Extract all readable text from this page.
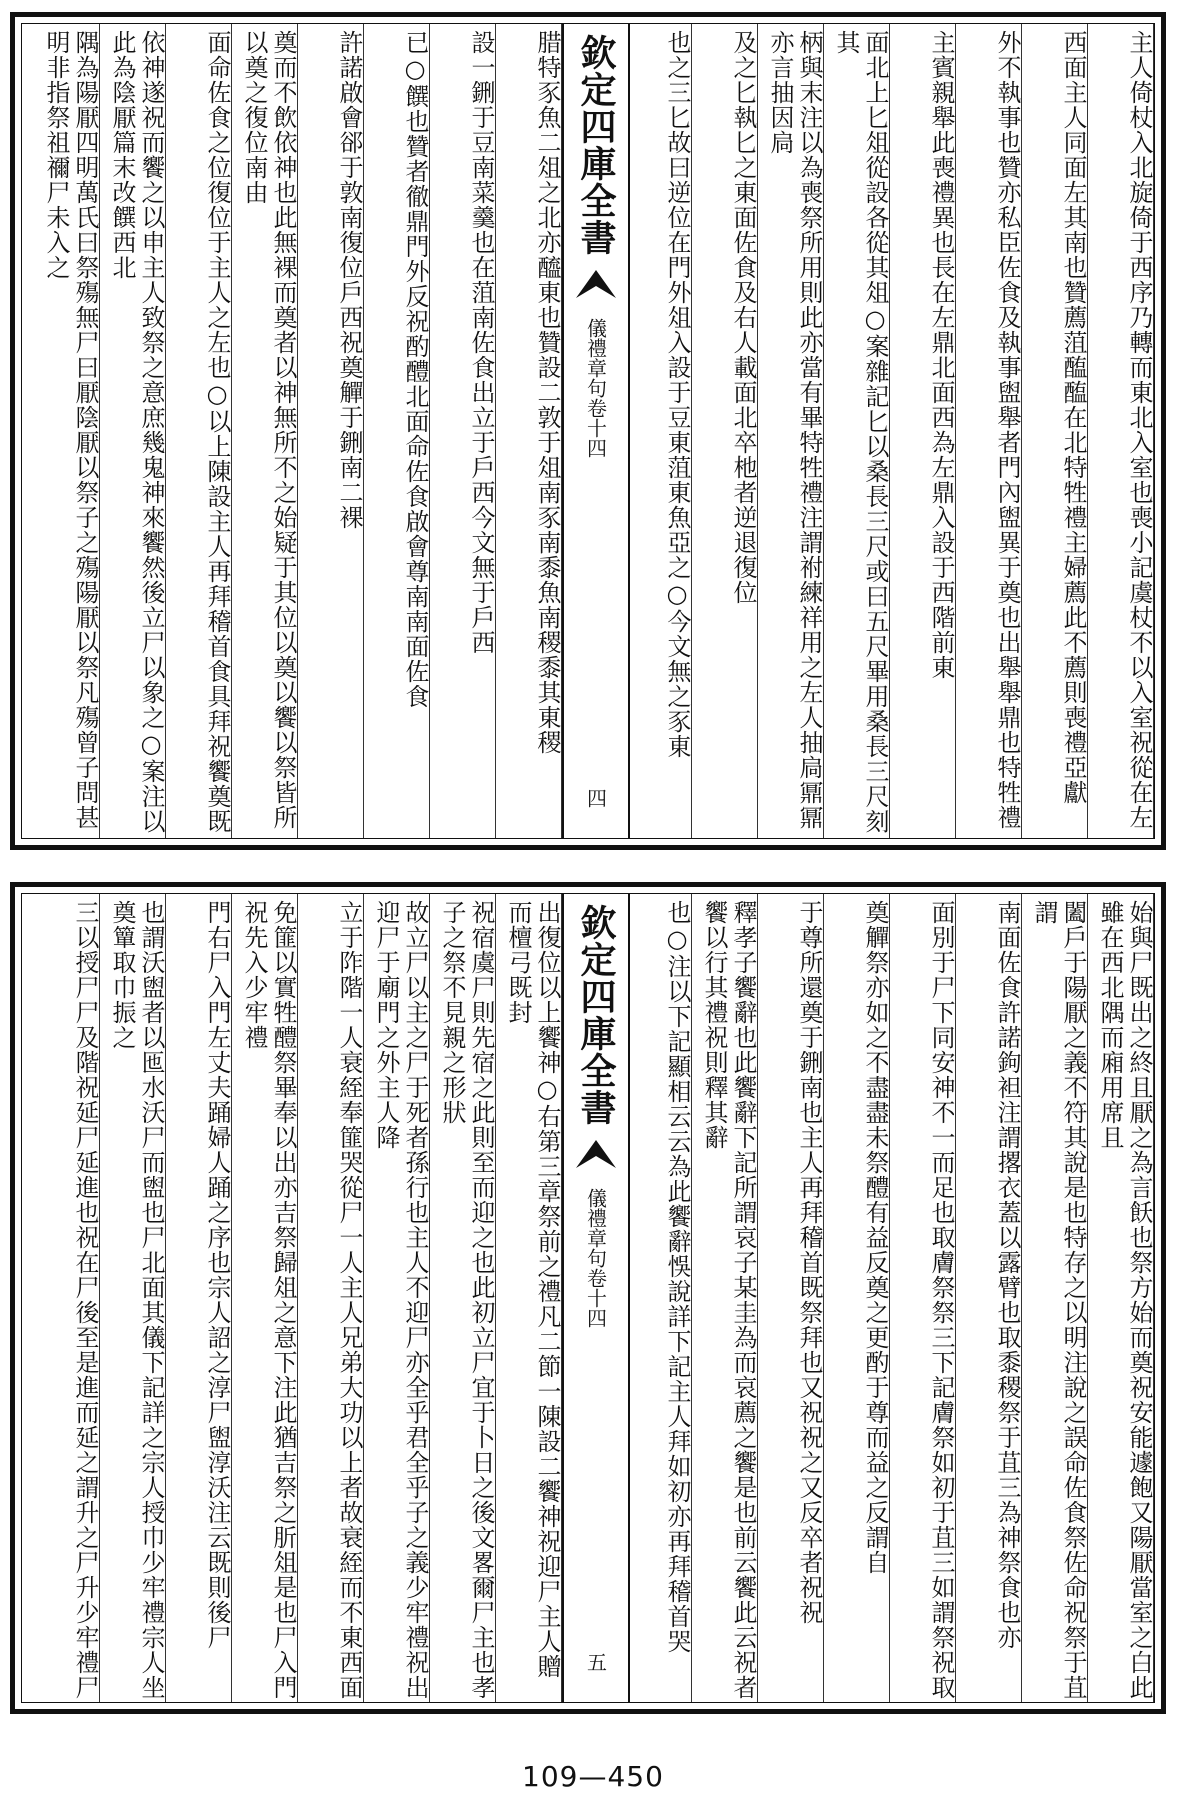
主人倚杖入北旋倚于西序乃轉而東北入室也喪小記虞杖不以入室祝從在左
西面主人同面左其南也贊薦菹醢醢在北特牲禮主婦薦此不薦則喪禮亞獻
外不執事也贊亦私臣佐食及執事盥舉者門內盥異于奠也出舉舉鼎也特牲禮
主賓親舉此喪禮異也長在左鼎北面西為左鼎入設于西階前東
面北上匕俎從設各從其俎○案雜記匕以桑長三尺或曰五尺畢用桑長三尺刻其
柄與末注以為喪祭所用則此亦當有畢特牲禮注謂祔練祥用之左人抽扃鼏鼏亦言抽因扃
及之匕執匕之東面佐食及右人載面北卒杝者逆退復位
也之三匕故曰逆位在門外俎入設于豆東菹東魚亞之○今文無之豕東
欽定四庫全書
儀禮章句卷十四
四
腊特豕魚二俎之北亦醯東也贊設二敦于俎南豕南黍魚南稷黍其東稷
設一鉶于豆南菜羹也在菹南佐食出立于戶西今文無于戶西
已○饌也贊者徹鼎門外反祝酌醴北面命佐食啟會尊南南面佐食
許諾啟會郤于敦南復位戶西祝奠觶于鉶南二裸
奠而不飲依神也此無裸而奠者以神無所不之始疑于其位以奠以饗以祭皆所以奠之復位南由
面命佐食之位復位于主人之左也○以上陳設主人再拜稽首食具拜祝饗奠既
依神遂祝而饗之以申主人致祭之意庶幾鬼神來饗然後立尸以象之○案注以此為陰厭篇末改饌西北
隅為陽厭四明萬氏曰祭殤無尸曰厭陰厭以祭子之殤陽厭以祭凡殤曾子問甚明非指祭祖禰尸未入之
始與尸既出之終且厭之為言飫也祭方始而奠祝安能遽飽又陽厭當室之白此雖在西北隅而廂用席且
闔戶于陽厭之義不符其說是也特存之以明注說之誤命佐食祭佐命祝祭于苴謂
南面佐食許諾鉤袒注謂撂衣蓋以露臂也取黍稷祭于苴三為神祭食也亦
面別于尸下同安神不一而足也取膚祭祭三下記膚祭如初于苴三如謂祭祝取
奠觶祭亦如之不盡盡未祭醴有益反奠之更酌于尊而益之反謂自
于尊所還奠于鉶南也主人再拜稽首既祭拜也又祝祝之又反卒者祝祝
釋孝子饗辭也此饗辭下記所謂哀子某圭為而哀薦之饗是也前云饗此云祝者饗以行其禮祝則釋其辭
也○注以下記顯相云云為此饗辭悞說詳下記主人拜如初亦再拜稽首哭
欽定四庫全書
儀禮章句卷十四
五
出復位以上饗神○右第三章祭前之禮凡二節一陳設二饗神祝迎尸主人贈而檀弓既封
祝宿虞尸則先宿之此則至而迎之也此初立尸宜于卜日之後文畧爾尸主也孝子之祭不見親之形狀
故立尸以主之尸于死者孫行也主人不迎尸亦全乎君全乎子之義少牢禮祝出迎尸于廟門之外主人降
立于阼階一人衰絰奉篚哭從尸一人主人兄弟大功以上者故衰絰而不東西面
免篚以實牲醴祭畢奉以出亦吉祭歸俎之意下注此猶吉祭之肵俎是也尸入門祝先入少牢禮
門右尸入門左丈夫踊婦人踊之序也宗人詔之淳尸盥淳沃注云既則後尸
也謂沃盥者以匜水沃尸而盥也尸北面其儀下記詳之宗人授巾少牢禮宗人坐奠簞取巾振之
三以授尸尸及階祝延尸延進也祝在尸後至是進而延之謂升之尸升少牢禮尸
109—450
